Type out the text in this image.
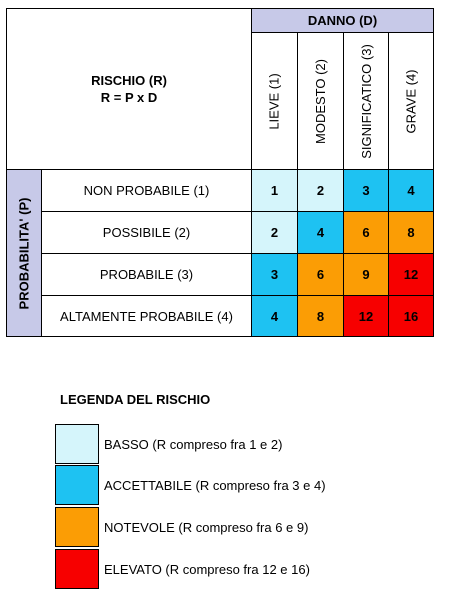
RISCHIO (R)
R = P x D
DANNO (D)
LIEVE (1) MODESTO (2) SIGNIFICATICO (3) GRAVE (4)
PROBABILITA' (P)
NON PROBABILE (1)	1	2	3	4
POSSIBILE (2)	2	4	6	8
PROBABILE (3)	3	6	9	12
ALTAMENTE PROBABILE (4)	4	8	12	16
LEGENDA DEL RISCHIO
BASSO (R compreso fra 1 e 2)
ACCETTABILE (R compreso fra 3 e 4)
NOTEVOLE (R compreso fra 6 e 9)
ELEVATO (R compreso fra 12 e 16)
